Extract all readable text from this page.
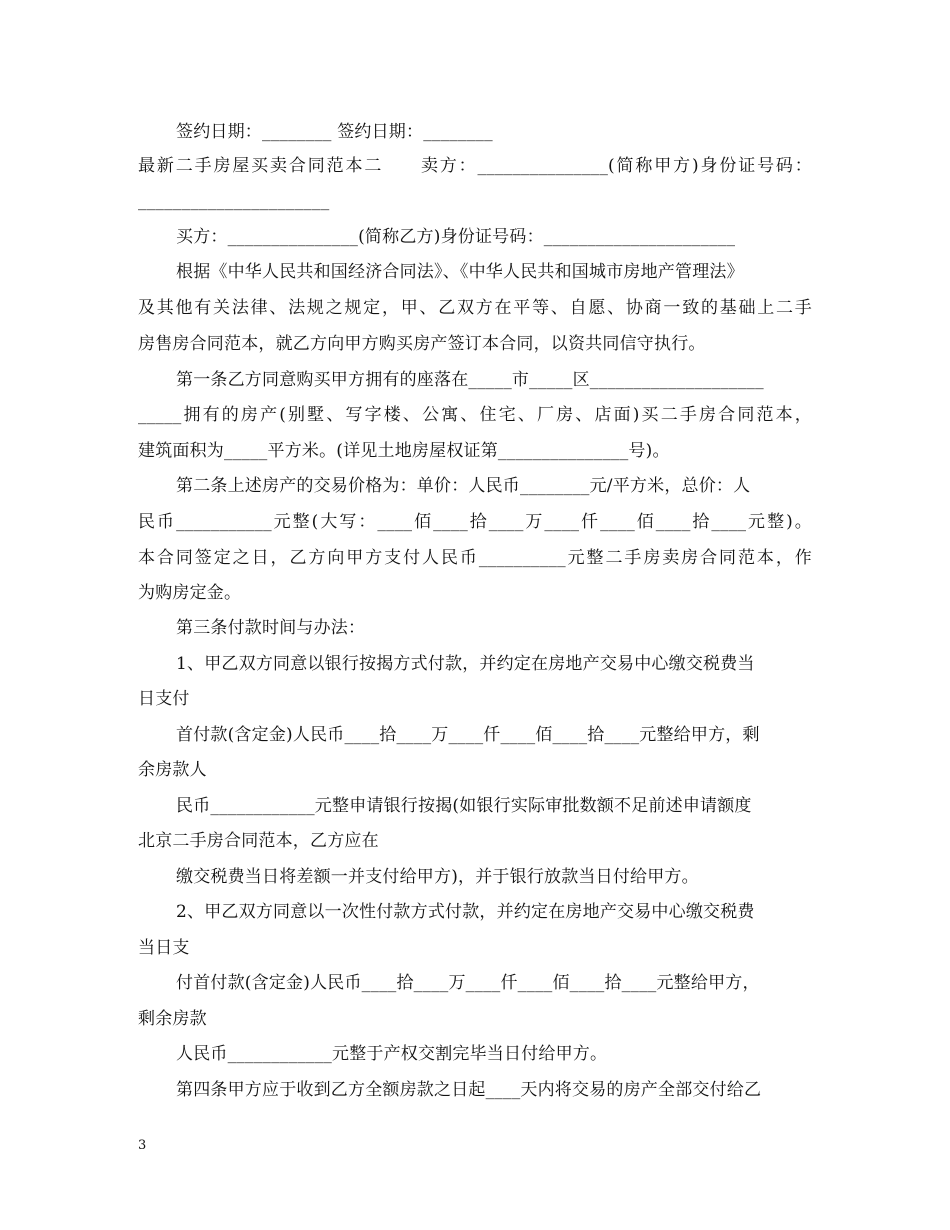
签约日期：________ 签约日期：________
最新二手房屋买卖合同范本二　　卖方：_______________(简称甲方)身份证号码：
______________________
买方：_______________(简称乙方)身份证号码：______________________
根据《中华人民共和国经济合同法》、《中华人民共和国城市房地产管理法》
及其他有关法律、法规之规定，甲、乙双方在平等、自愿、协商一致的基础上二手
房售房合同范本，就乙方向甲方购买房产签订本合同，以资共同信守执行。
第一条乙方同意购买甲方拥有的座落在_____市_____区____________________
_____拥有的房产(别墅、写字楼、公寓、住宅、厂房、店面)买二手房合同范本，
建筑面积为_____平方米。(详见土地房屋权证第_______________号)。
第二条上述房产的交易价格为：单价：人民币________元/平方米，总价：人
民币___________元整(大写：____佰____拾____万____仟____佰____拾____元整)。
本合同签定之日，乙方向甲方支付人民币__________元整二手房卖房合同范本，作
为购房定金。
第三条付款时间与办法：
1、甲乙双方同意以银行按揭方式付款，并约定在房地产交易中心缴交税费当
日支付
首付款(含定金)人民币____拾____万____仟____佰____拾____元整给甲方，剩
余房款人
民币____________元整申请银行按揭(如银行实际审批数额不足前述申请额度
北京二手房合同范本，乙方应在
缴交税费当日将差额一并支付给甲方)，并于银行放款当日付给甲方。
2、甲乙双方同意以一次性付款方式付款，并约定在房地产交易中心缴交税费
当日支
付首付款(含定金)人民币____拾____万____仟____佰____拾____元整给甲方，
剩余房款
人民币____________元整于产权交割完毕当日付给甲方。
第四条甲方应于收到乙方全额房款之日起____天内将交易的房产全部交付给乙
3
